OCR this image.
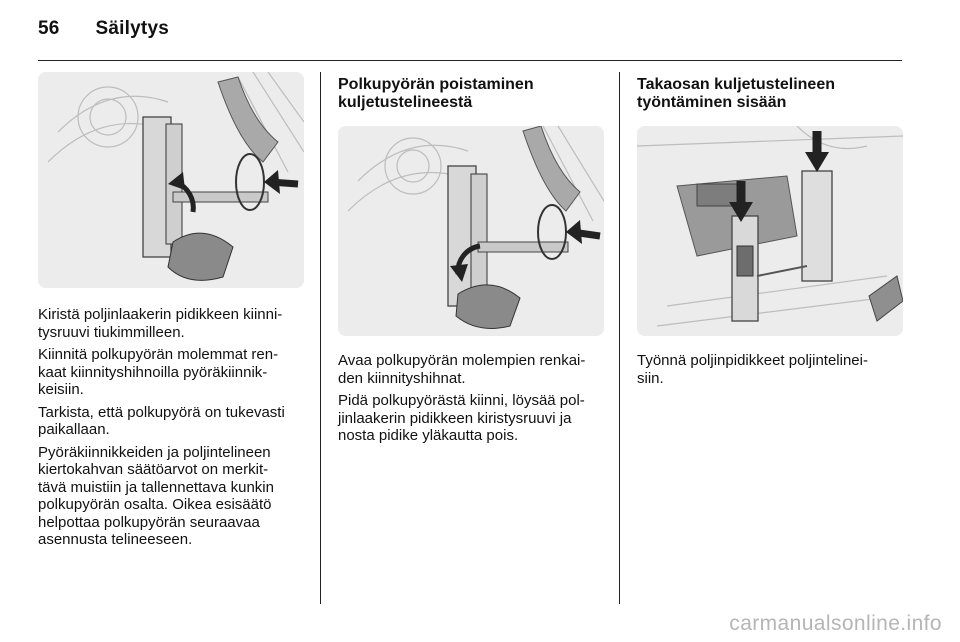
56 Säilytys

Kiristä poljinlaakerin pidikkeen kiinni-
tysruuvi tiukimmilleen.

Kiinnitä polkupyörän molemmat ren-
kaat kiinnityshihnoilla pyöräkiinnik-
keisiin.

Tarkista, että polkupyörä on tukevasti
paikallaan.

Pyöräkiinnikkeiden ja poljintelineen
kiertokahvan säätöarvot on merkit-
tävä muistiin ja tallennettava kunkin
polkupyörän osalta. Oikea esisäätö
helpottaa polkupyörän seuraavaa
asennusta telineeseen.

Polkupyörän poistaminen
kuljetustelineestä

Avaa polkupyörän molempien renkai-
den kiinnityshihnat.

Pidä polkupyörästä kiinni, löysää pol-
jinlaakerin pidikkeen kiristysruuvi ja
nosta pidike yläkautta pois.

Takaosan kuljetustelineen
työntäminen sisään

Työnnä poljinpidikkeet poljintelinei-
siin.

carmanualsonline.info
